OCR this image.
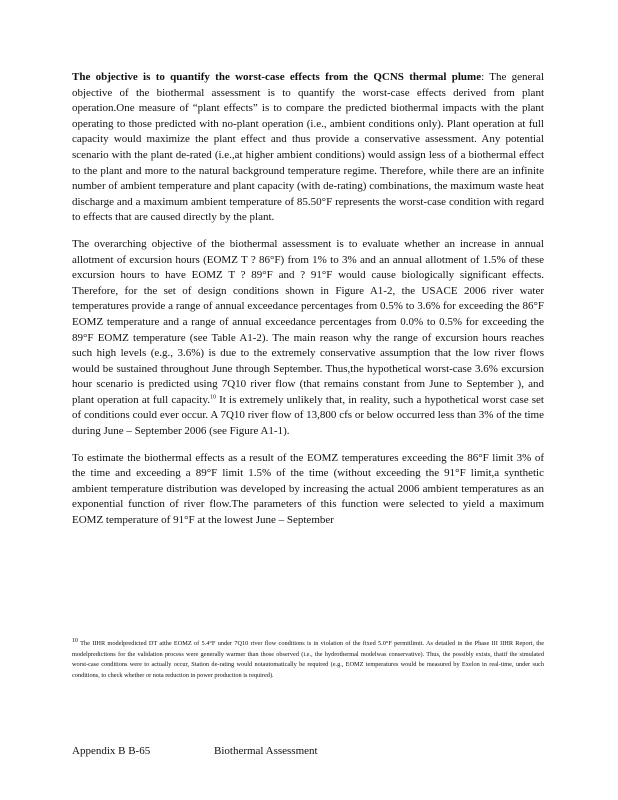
The objective is to quantify the worst-case effects from the QCNS thermal plume: The general objective of the biothermal assessment is to quantify the worst-case effects derived from plant operation.One measure of “plant effects” is to compare the predicted biothermal impacts with the plant operating to those predicted with no-plant operation (i.e., ambient conditions only). Plant operation at full capacity would maximize the plant effect and thus provide a conservative assessment. Any potential scenario with the plant de-rated (i.e.,at higher ambient conditions) would assign less of a biothermal effect to the plant and more to the natural background temperature regime. Therefore, while there are an infinite number of ambient temperature and plant capacity (with de-rating) combinations, the maximum waste heat discharge and a maximum ambient temperature of 85.50°F represents the worst-case condition with regard to effects that are caused directly by the plant.

The overarching objective of the biothermal assessment is to evaluate whether an increase in annual allotment of excursion hours (EOMZ T ? 86°F) from 1% to 3% and an annual allotment of 1.5% of these excursion hours to have EOMZ T ? 89°F and ? 91°F would cause biologically significant effects. Therefore, for the set of design conditions shown in Figure A1-2, the USACE 2006 river water temperatures provide a range of annual exceedance percentages from 0.5% to 3.6% for exceeding the 86°F EOMZ temperature and a range of annual exceedance percentages from 0.0% to 0.5% for exceeding the 89°F EOMZ temperature (see Table A1-2). The main reason why the range of excursion hours reaches such high levels (e.g., 3.6%) is due to the extremely conservative assumption that the low river flows would be sustained throughout June through September. Thus,the hypothetical worst-case 3.6% excursion hour scenario is predicted using 7Q10 river flow (that remains constant from June to September ), and plant operation at full capacity.$^{10}$ It is extremely unlikely that, in reality, such a hypothetical worst case set of conditions could ever occur. A 7Q10 river flow of 13,800 cfs or below occurred less than 3% of the time during June – September 2006 (see Figure A1-1).

To estimate the biothermal effects as a result of the EOMZ temperatures exceeding the 86°F limit 3% of the time and exceeding a 89°F limit 1.5% of the time (without exceeding the 91°F limit,a synthetic ambient temperature distribution was developed by increasing the actual 2006 ambient temperatures as an exponential function of river flow.The parameters of this function were selected to yield a maximum EOMZ temperature of 91°F at the lowest June – September

$^{10}$ The IIHR modelpredicted DT atthe EOMZ of 5.4°F under 7Q10 river flow conditions is in violation of the fixed 5.0°F permitlimit. As detailed in the Phase III IIHR Report, the modelpredictions for the validation process were generally warmer than those observed (i.e., the hydrothermal modelwas conservative). Thus, the possibly exists, thatif the simulated worst-case conditions were to actually occur, Station de-rating would notautomatically be required (e.g., EOMZ temperatures would be measured by Exelon in real-time, under such conditions, to check whether or nota reduction in power production is required).

Appendix B B-65	Biothermal Assessment
